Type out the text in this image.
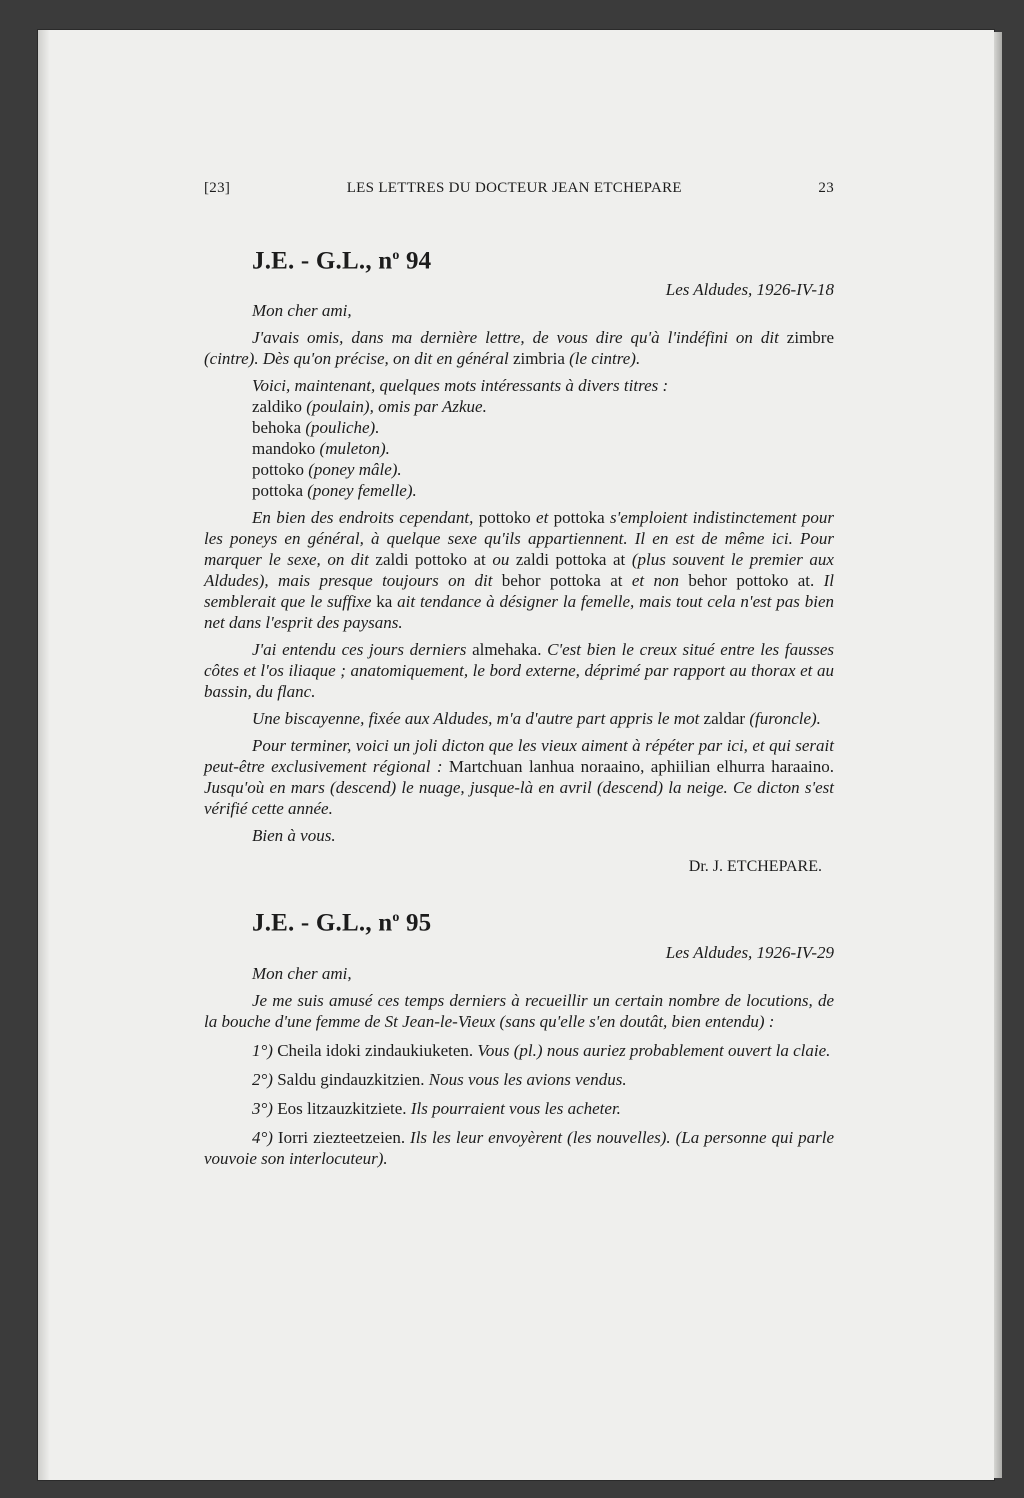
[23]	LES LETTRES DU DOCTEUR JEAN ETCHEPARE	23
J.E. - G.L., $n^o$ 94
Les Aldudes, 1926-IV-18
Mon cher ami,

J'avais omis, dans ma dernière lettre, de vous dire qu'à l'indéfini on dit zimbre (cintre). Dès qu'on précise, on dit en général zimbria (le cintre).

Voici, maintenant, quelques mots intéressants à divers titres :

zaldiko (poulain), omis par Azkue.
behoka (pouliche).
mandoko (muleton).
pottoko (poney mâle).
pottoka (poney femelle).

En bien des endroits cependant, pottoko et pottoka s'emploient indistinctement pour les poneys en général, à quelque sexe qu'ils appartiennent. Il en est de même ici. Pour marquer le sexe, on dit zaldi pottoko at ou zaldi pottoka at (plus souvent le premier aux Aldudes), mais presque toujours on dit behor pottoka at et non behor pottoko at. Il semblerait que le suffixe ka ait tendance à désigner la femelle, mais tout cela n'est pas bien net dans l'esprit des paysans.

J'ai entendu ces jours derniers almehaka. C'est bien le creux situé entre les fausses côtes et l'os iliaque ; anatomiquement, le bord externe, déprimé par rapport au thorax et au bassin, du flanc.

Une biscayenne, fixée aux Aldudes, m'a d'autre part appris le mot zaldar (furoncle).

Pour terminer, voici un joli dicton que les vieux aiment à répéter par ici, et qui serait peut-être exclusivement régional : Martchuan lanhua noraaino, aphiilian elhurra haraaino. Jusqu'où en mars (descend) le nuage, jusque-là en avril (descend) la neige. Ce dicton s'est vérifié cette année.

Bien à vous.
Dr. J. ETCHEPARE.
J.E. - G.L., $n^o$ 95
Les Aldudes, 1926-IV-29
Mon cher ami,

Je me suis amusé ces temps derniers à recueillir un certain nombre de locutions, de la bouche d'une femme de St Jean-le-Vieux (sans qu'elle s'en doutât, bien entendu) :

1°) Cheila idoki zindaukiuketen. Vous (pl.) nous auriez probablement ouvert la claie.

2°) Saldu gindauzkitzien. Nous vous les avions vendus.

3°) Eos litzauzkitziete. Ils pourraient vous les acheter.

4°) Iorri ziezteetzeien. Ils les leur envoyèrent (les nouvelles). (La personne qui parle vouvoie son interlocuteur).
